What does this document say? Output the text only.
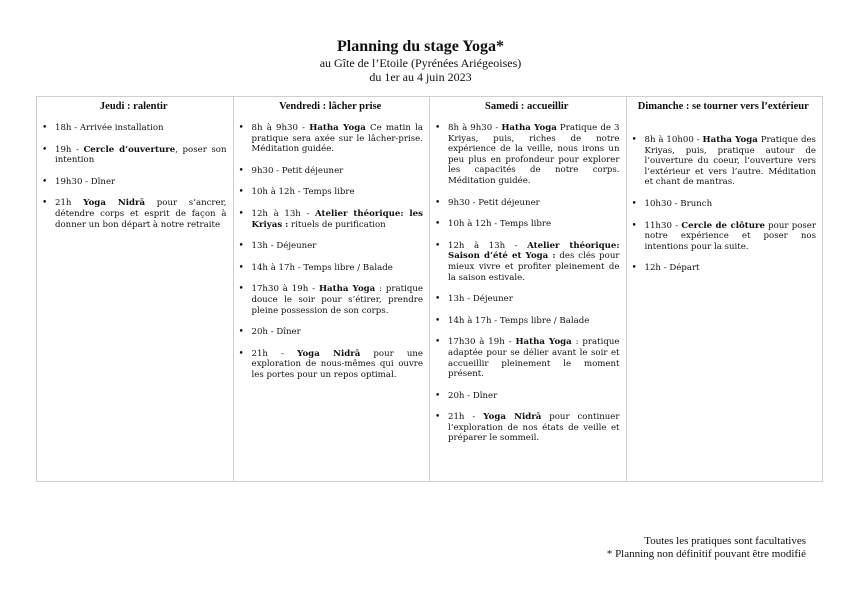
Planning du stage Yoga*
au Gîte de l’Etoile (Pyrénées Ariégeoises)
du 1er au 4 juin 2023
Jeudi : ralentir
• 18h - Arrivée installation
• 19h - Cercle d’ouverture, poser son intention
• 19h30 - Dîner
• 21h Yoga Nidrā pour s’ancrer, détendre corps et esprit de façon à donner un bon départ à notre retraite
Vendredi : lâcher prise
• 8h à 9h30 - Hatha Yoga Ce matin la pratique sera axée sur le lâcher-prise. Méditation guidée.
• 9h30 - Petit déjeuner
• 10h à 12h - Temps libre
• 12h à 13h - Atelier théorique: les Kriyas : rituels de purification
• 13h - Déjeuner
• 14h à 17h - Temps libre / Balade
• 17h30 à 19h - Hatha Yoga : pratique douce le soir pour s’étirer, prendre pleine possession de son corps.
• 20h - Dîner
• 21h - Yoga Nidrā pour une exploration de nous-mêmes qui ouvre les portes pour un repos optimal.
Samedi : accueillir
• 8h à 9h30 - Hatha Yoga Pratique de 3 Kriyas, puis, riches de notre expérience de la veille, nous irons un peu plus en profondeur pour explorer les capacités de notre corps. Méditation guidée.
• 9h30 - Petit déjeuner
• 10h à 12h - Temps libre
• 12h à 13h - Atelier théorique: Saison d’été et Yoga : des clés pour mieux vivre et profiter pleinement de la saison estivale.
• 13h - Déjeuner
• 14h à 17h - Temps libre / Balade
• 17h30 à 19h - Hatha Yoga : pratique adaptée pour se délier avant le soir et accueillir pleinement le moment présent.
• 20h - Dîner
• 21h - Yoga Nidrā pour continuer l’exploration de nos états de veille et préparer le sommeil.
Dimanche : se tourner vers l’extérieur
• 8h à 10h00 - Hatha Yoga Pratique des Kriyas, puis, pratique autour de l’ouverture du coeur, l’ouverture vers l’extérieur et vers l’autre. Méditation et chant de mantras.
• 10h30 - Brunch
• 11h30 - Cercle de clôture pour poser notre expérience et poser nos intentions pour la suite.
• 12h - Départ
Toutes les pratiques sont facultatives
* Planning non définitif pouvant être modifié
